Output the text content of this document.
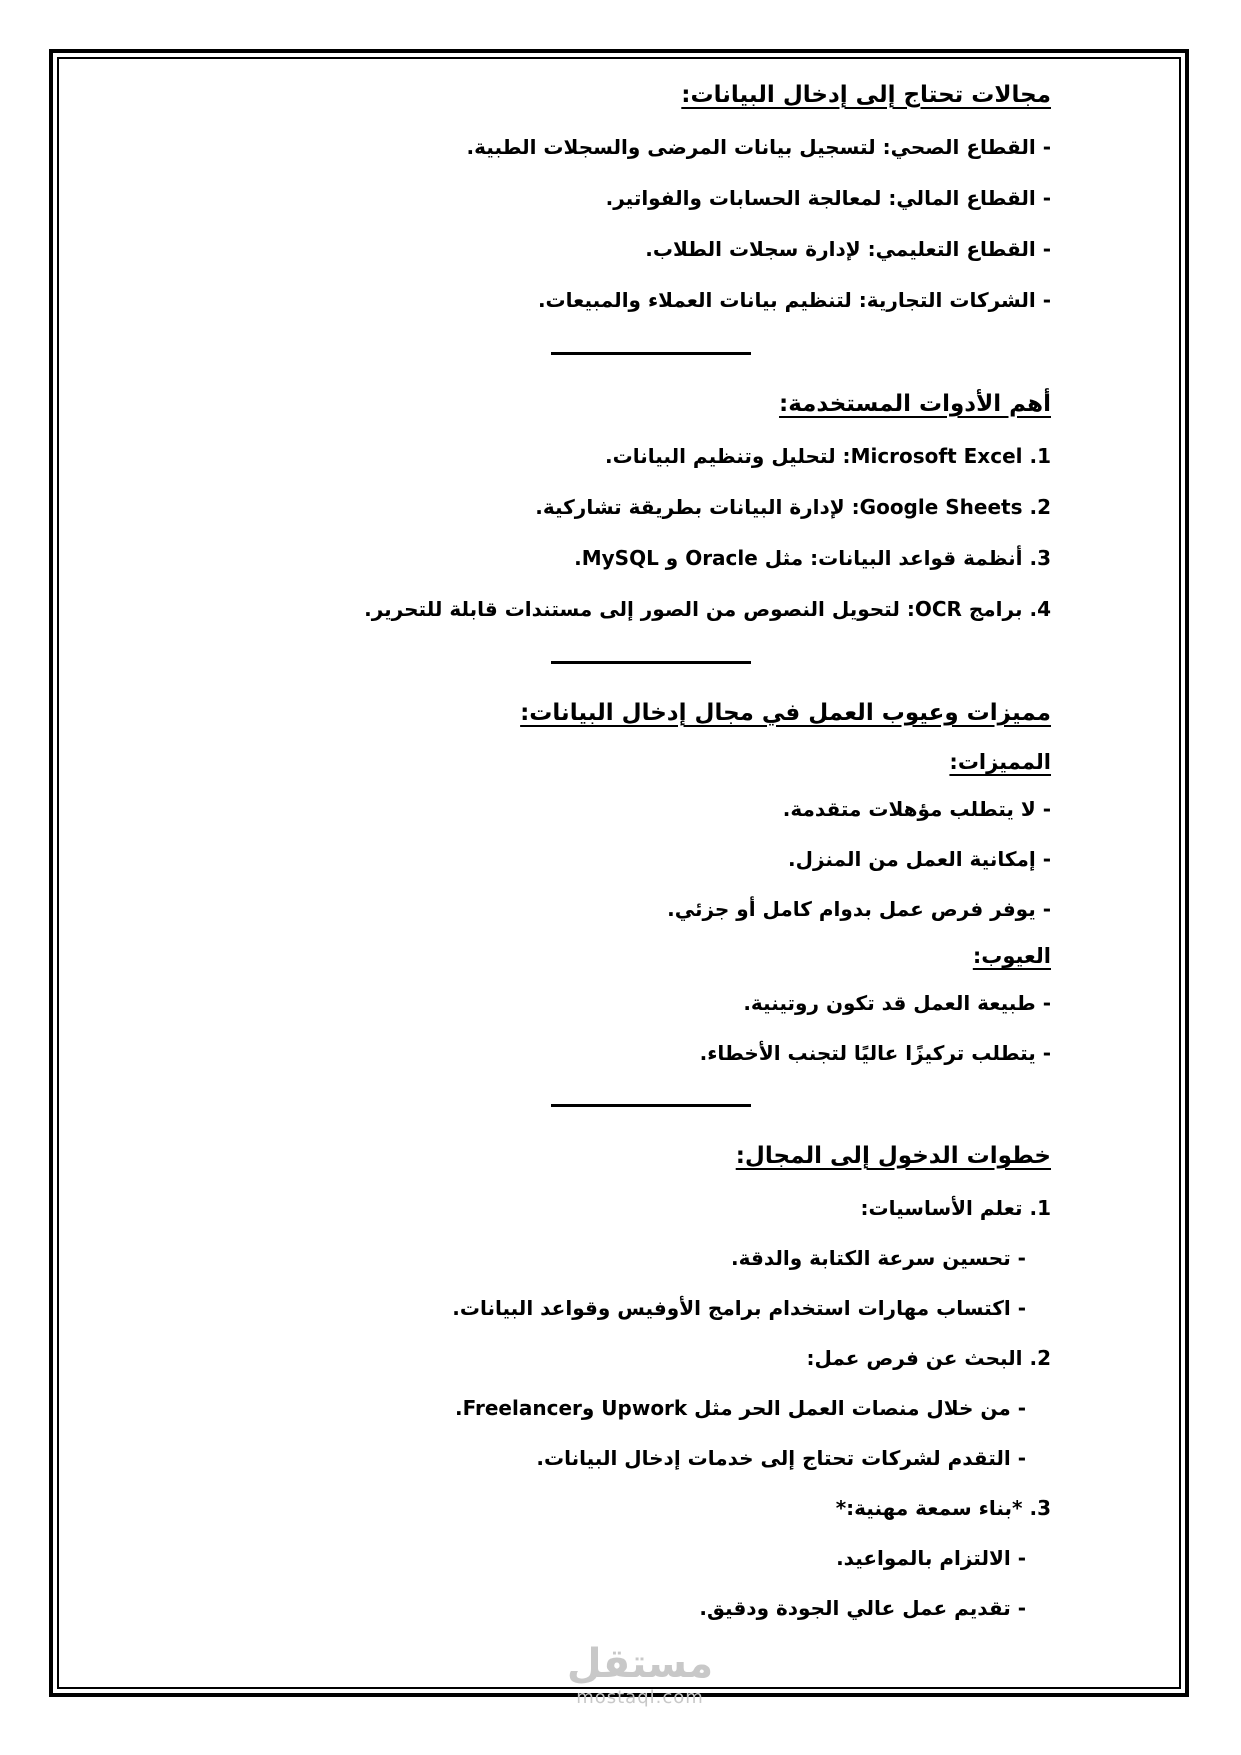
مجالات تحتاج إلى إدخال البيانات:
- القطاع الصحي: لتسجيل بيانات المرضى والسجلات الطبية.
- القطاع المالي: لمعالجة الحسابات والفواتير.
- القطاع التعليمي: لإدارة سجلات الطلاب.
- الشركات التجارية: لتنظيم بيانات العملاء والمبيعات.
أهم الأدوات المستخدمة:
1. Microsoft Excel: لتحليل وتنظيم البيانات.
2. Google Sheets: لإدارة البيانات بطريقة تشاركية.
3. أنظمة قواعد البيانات: مثل Oracle و MySQL.
4. برامج OCR: لتحويل النصوص من الصور إلى مستندات قابلة للتحرير.
مميزات وعيوب العمل في مجال إدخال البيانات:
المميزات:
- لا يتطلب مؤهلات متقدمة.
- إمكانية العمل من المنزل.
- يوفر فرص عمل بدوام كامل أو جزئي.
العيوب:
- طبيعة العمل قد تكون روتينية.
- يتطلب تركيزًا عاليًا لتجنب الأخطاء.
خطوات الدخول إلى المجال:
1. تعلم الأساسيات:
- تحسين سرعة الكتابة والدقة.
- اكتساب مهارات استخدام برامج الأوفيس وقواعد البيانات.
2. البحث عن فرص عمل:
- من خلال منصات العمل الحر مثل Upwork وFreelancer.
- التقدم لشركات تحتاج إلى خدمات إدخال البيانات.
3. *بناء سمعة مهنية:*
- الالتزام بالمواعيد.
- تقديم عمل عالي الجودة ودقيق.
مستقل
mostaql.com
